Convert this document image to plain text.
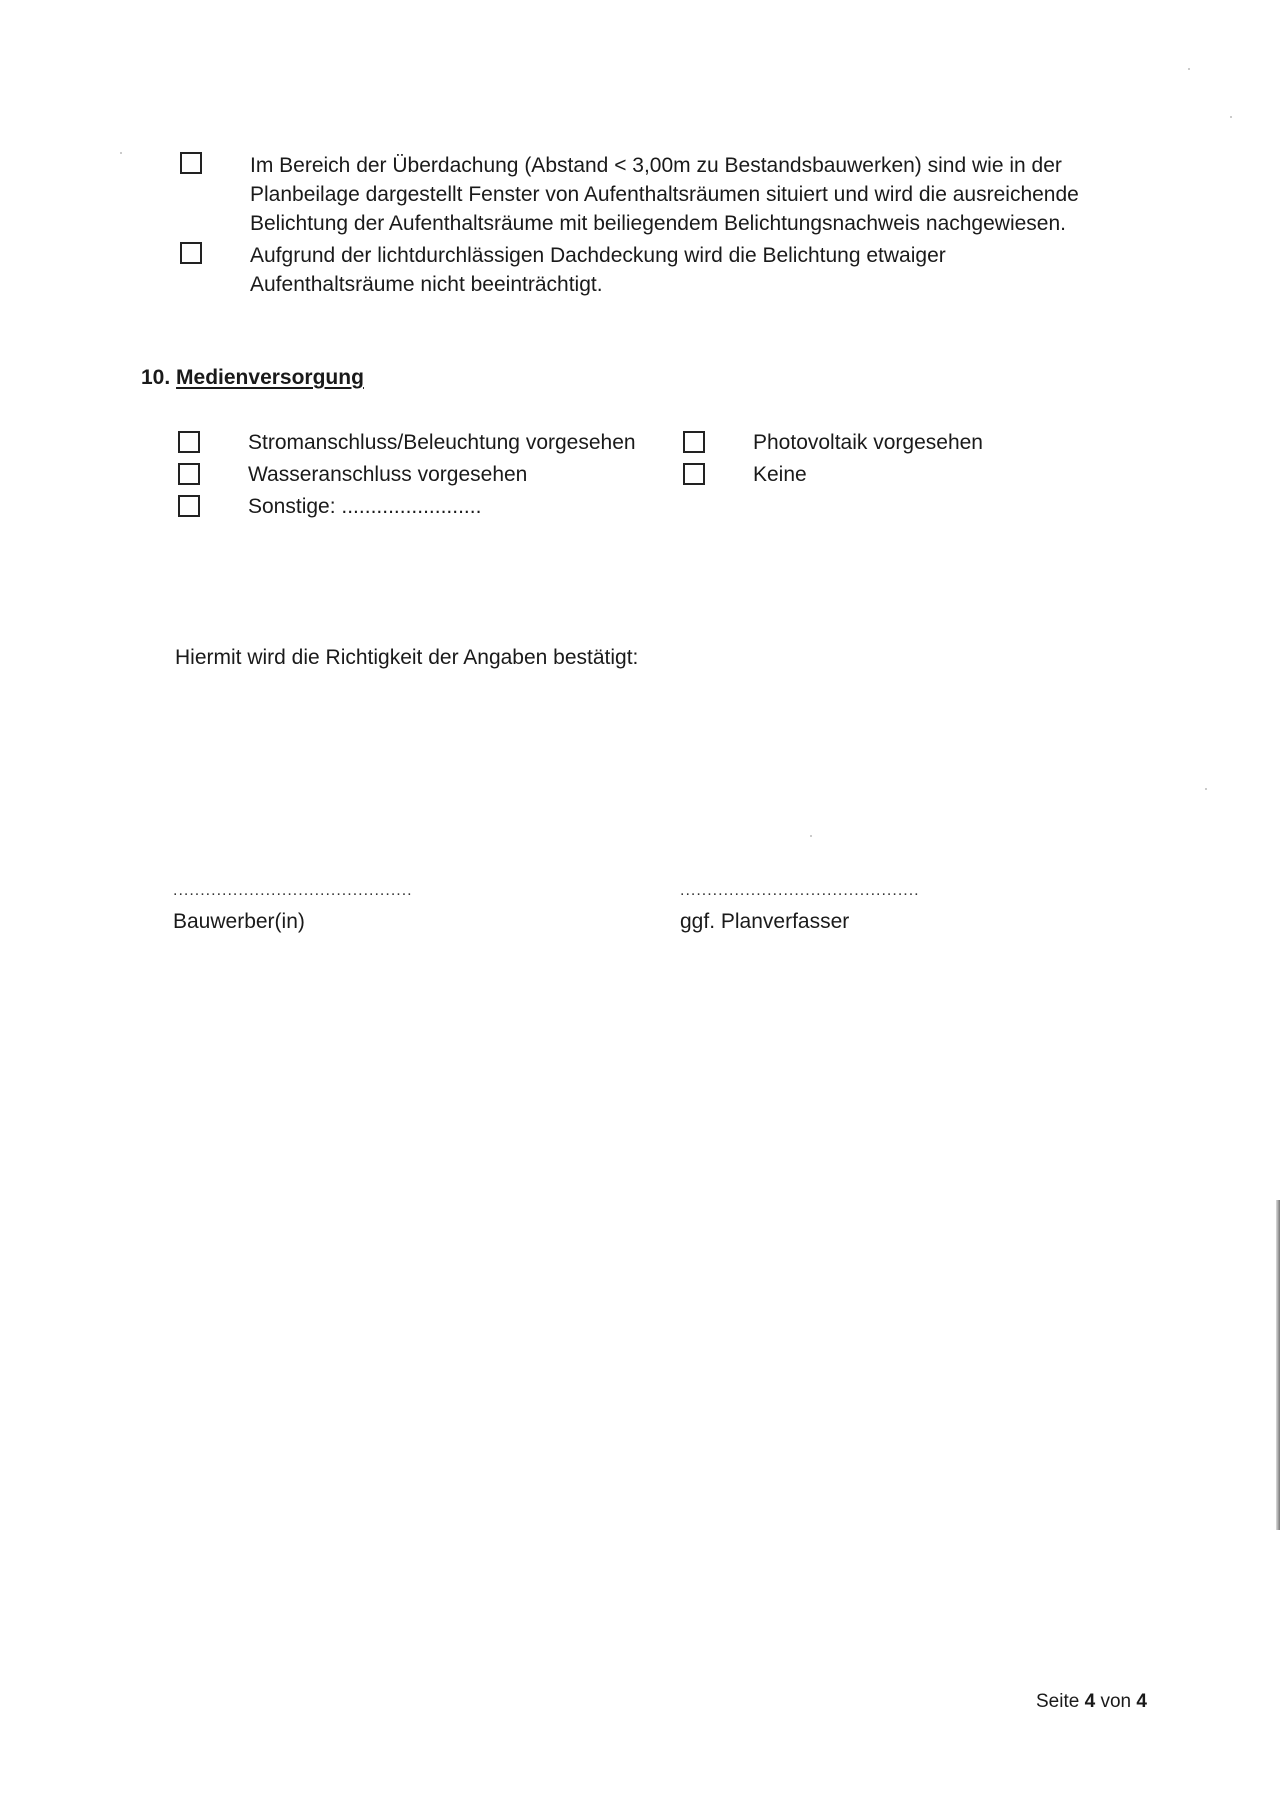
Im Bereich der Überdachung (Abstand < 3,00m zu Bestandsbauwerken) sind wie in der
Planbeilage dargestellt Fenster von Aufenthaltsräumen situiert und wird die ausreichende
Belichtung der Aufenthaltsräume mit beiliegendem Belichtungsnachweis nachgewiesen.
Aufgrund der lichtdurchlässigen Dachdeckung wird die Belichtung etwaiger
Aufenthaltsräume nicht beeinträchtigt.
10. Medienversorgung
Stromanschluss/Beleuchtung vorgesehen
Wasseranschluss vorgesehen
Sonstige: ........................
Photovoltaik vorgesehen
Keine
Hiermit wird die Richtigkeit der Angaben bestätigt:
............................................
Bauwerber(in)
............................................
ggf. Planverfasser
Seite 4 von 4
